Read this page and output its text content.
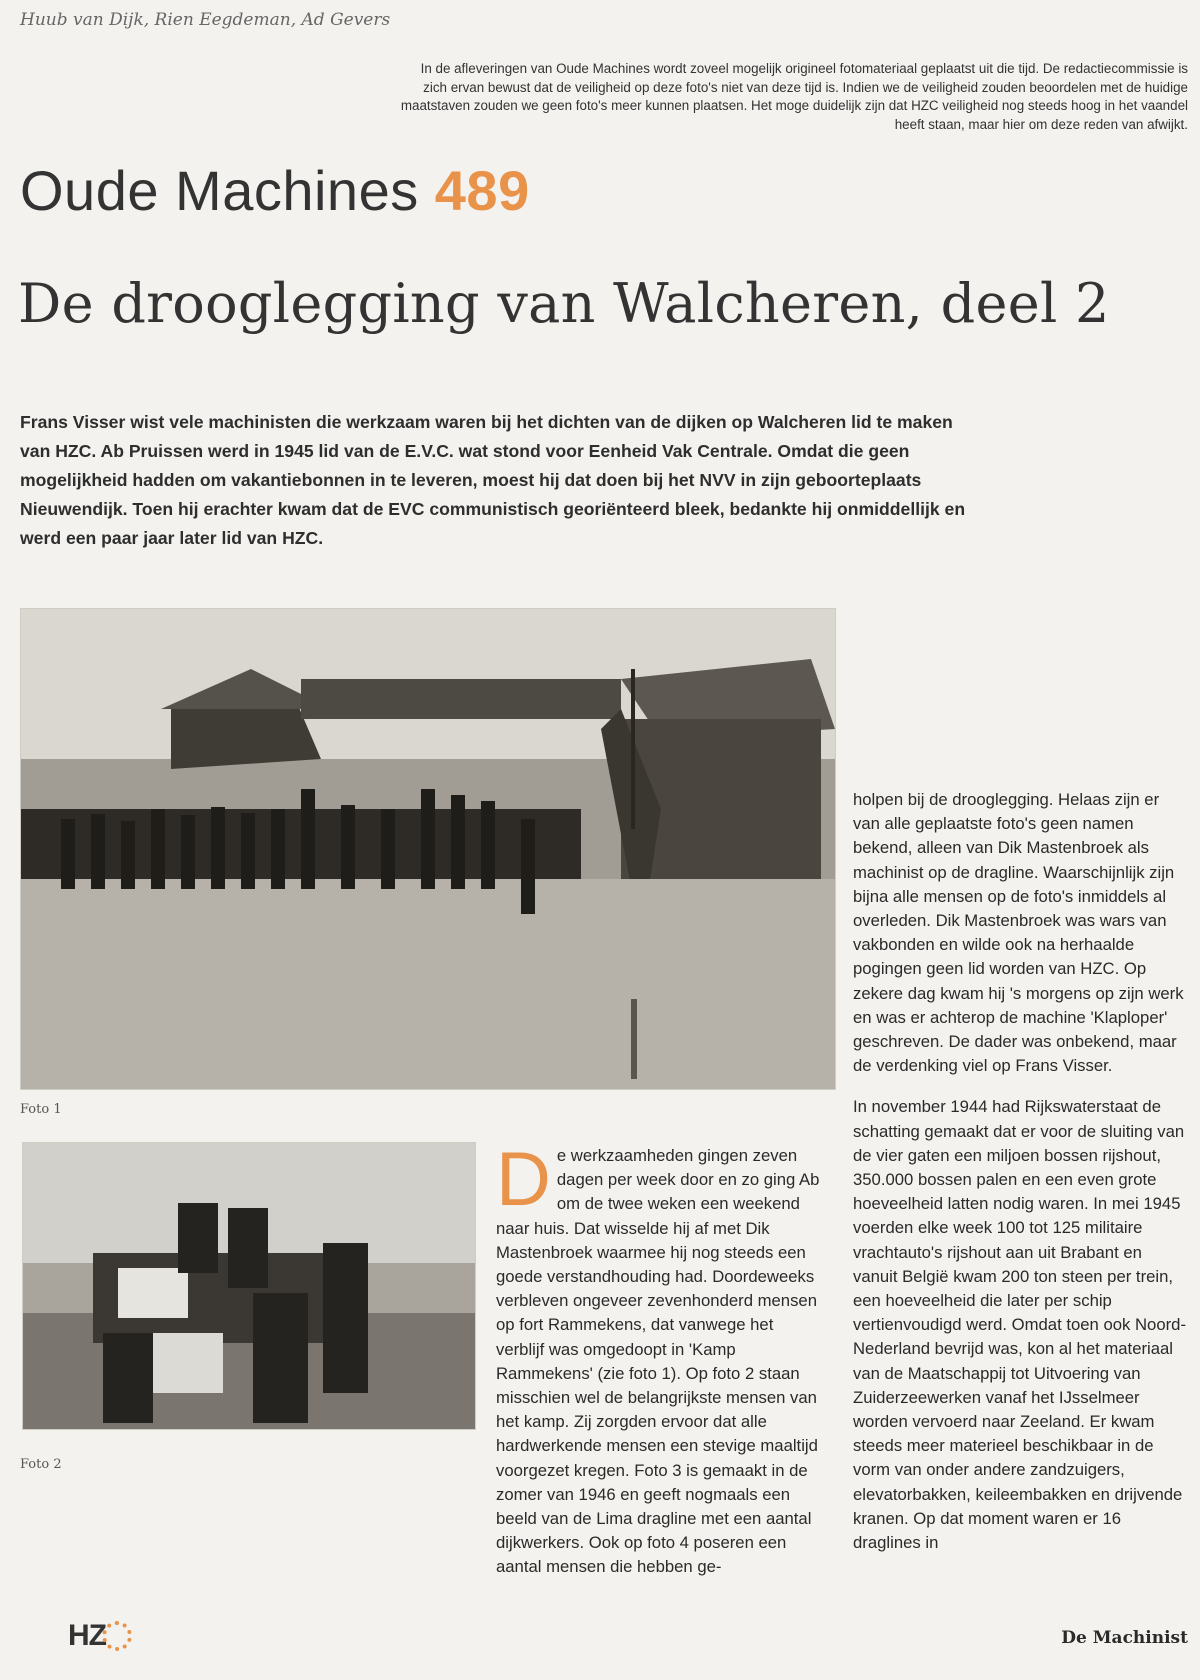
Huub van Dijk, Rien Eegdeman, Ad Gevers
In de afleveringen van Oude Machines wordt zoveel mogelijk origineel fotomateriaal geplaatst uit die tijd. De redactiecommissie is zich ervan bewust dat de veiligheid op deze foto's niet van deze tijd is. Indien we de veiligheid zouden beoordelen met de huidige maatstaven zouden we geen foto's meer kunnen plaatsen. Het moge duidelijk zijn dat HZC veiligheid nog steeds hoog in het vaandel heeft staan, maar hier om deze reden van afwijkt.
Oude Machines 489
De drooglegging van Walcheren, deel 2
Frans Visser wist vele machinisten die werkzaam waren bij het dichten van de dijken op Walcheren lid te maken van HZC. Ab Pruissen werd in 1945 lid van de E.V.C. wat stond voor Eenheid Vak Centrale. Omdat die geen mogelijkheid hadden om vakantiebonnen in te leveren, moest hij dat doen bij het NVV in zijn geboorteplaats Nieuwendijk. Toen hij erachter kwam dat de EVC communistisch georiënteerd bleek, bedankte hij onmiddellijk en werd een paar jaar later lid van HZC.
Foto 1
Foto 2

De werkzaamheden gingen zeven dagen per week door en zo ging Ab om de twee weken een weekend naar huis. Dat wisselde hij af met Dik Mastenbroek waarmee hij nog steeds een goede verstandhouding had. Doordeweeks verbleven ongeveer zevenhonderd mensen op fort Rammekens, dat vanwege het verblijf was omgedoopt in 'Kamp Rammekens' (zie foto 1). Op foto 2 staan misschien wel de belangrijkste mensen van het kamp. Zij zorgden ervoor dat alle hardwerkende mensen een stevige maaltijd voorgezet kregen. Foto 3 is gemaakt in de zomer van 1946 en geeft nogmaals een beeld van de Lima dragline met een aantal dijkwerkers. Ook op foto 4 poseren een aantal mensen die hebben ge-

holpen bij de drooglegging. Helaas zijn er van alle geplaatste foto's geen namen bekend, alleen van Dik Mastenbroek als machinist op de dragline. Waarschijnlijk zijn bijna alle mensen op de foto's inmiddels al overleden. Dik Mastenbroek was wars van vakbonden en wilde ook na herhaalde pogingen geen lid worden van HZC. Op zekere dag kwam hij 's morgens op zijn werk en was er achterop de machine 'Klaploper' geschreven. De dader was onbekend, maar de verdenking viel op Frans Visser.

In november 1944 had Rijkswaterstaat de schatting gemaakt dat er voor de sluiting van de vier gaten een miljoen bossen rijshout, 350.000 bossen palen en een even grote hoeveelheid latten nodig waren. In mei 1945 voerden elke week 100 tot 125 militaire vrachtauto's rijshout aan uit Brabant en vanuit België kwam 200 ton steen per trein, een hoeveelheid die later per schip vertienvoudigd werd. Omdat toen ook Noord-Nederland bevrijd was, kon al het materiaal van de Maatschappij tot Uitvoering van Zuiderzeewerken vanaf het IJsselmeer worden vervoerd naar Zeeland. Er kwam steeds meer materieel beschikbaar in de vorm van onder andere zandzuigers, elevatorbakken, keileembakken en drijvende kranen. Op dat moment waren er 16 draglines in

HZ	De Machinist
